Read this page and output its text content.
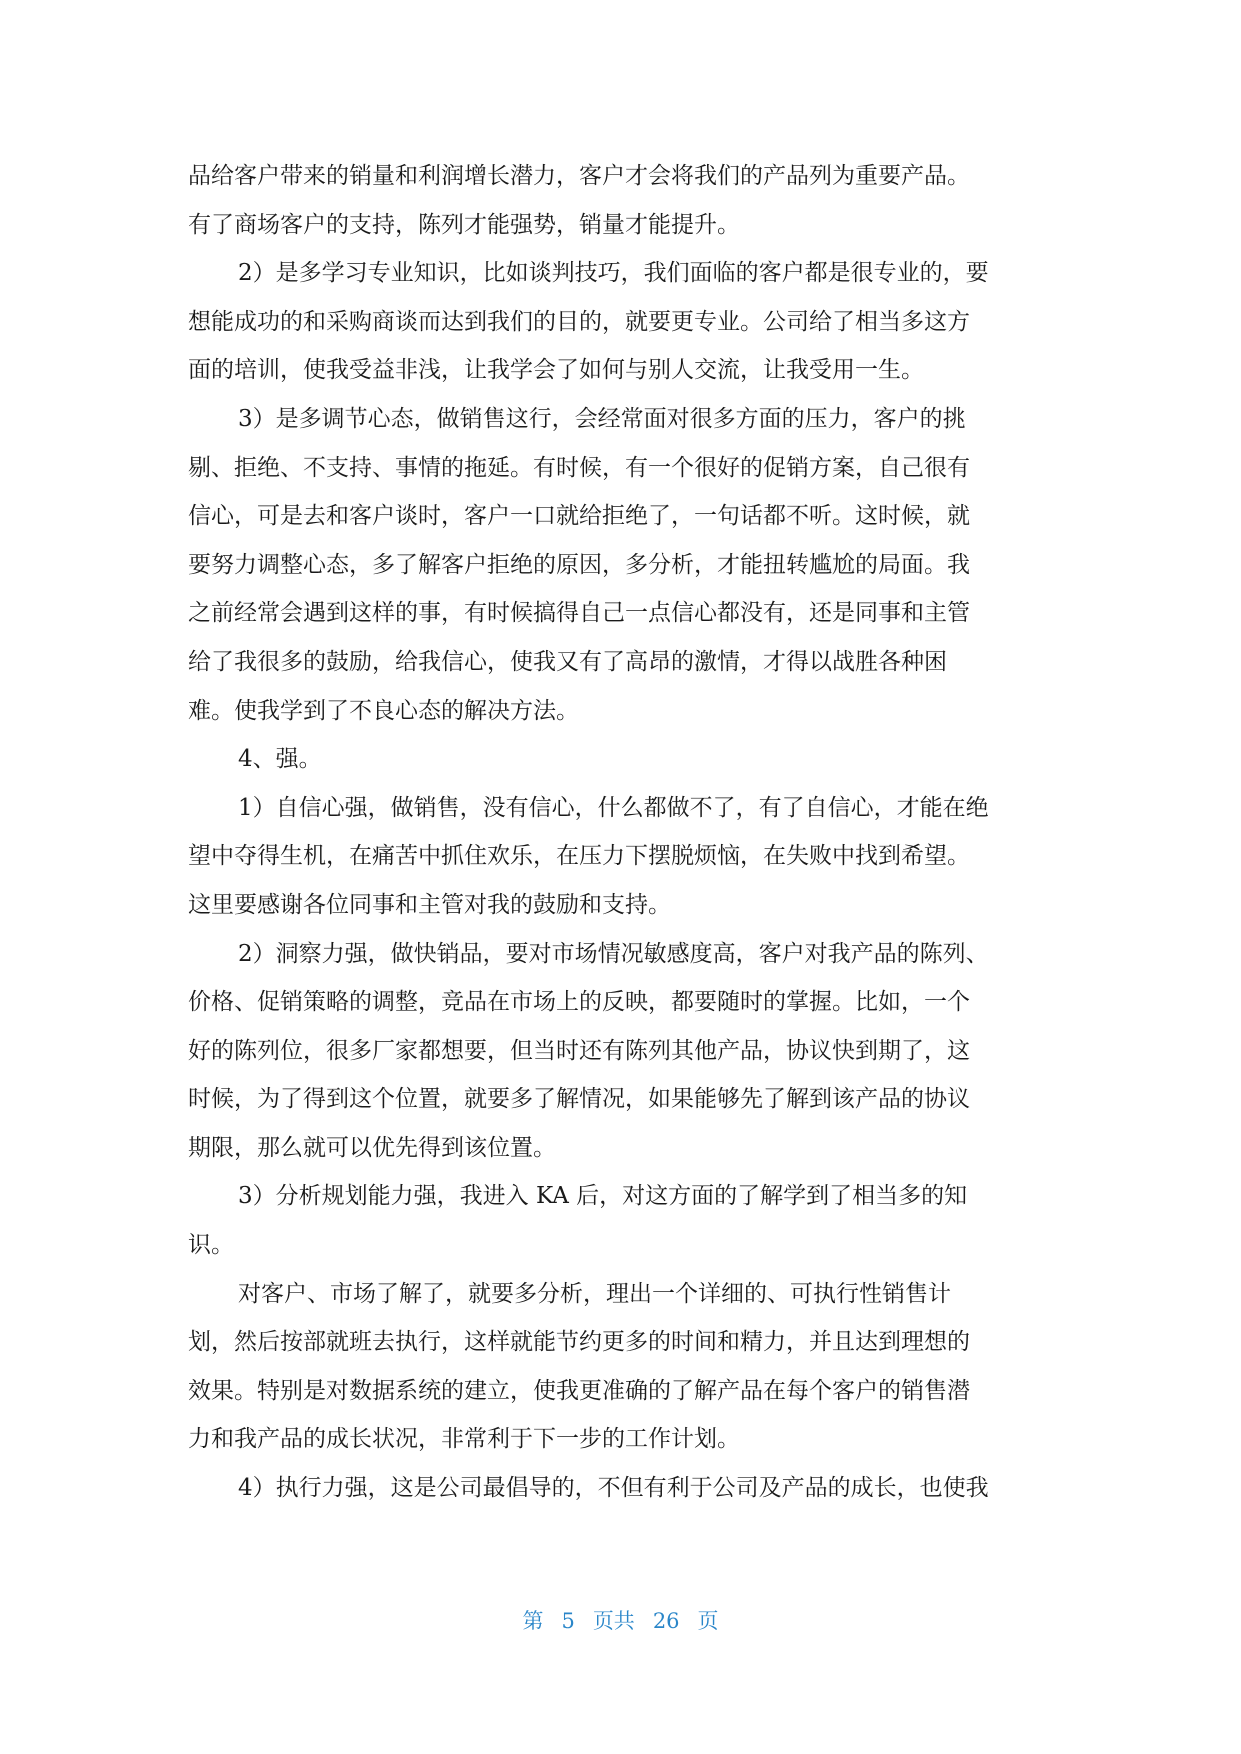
品给客户带来的销量和利润增长潜力，客户才会将我们的产品列为重要产品。
有了商场客户的支持，陈列才能强势，销量才能提升。
2）是多学习专业知识，比如谈判技巧，我们面临的客户都是很专业的，要
想能成功的和采购商谈而达到我们的目的，就要更专业。公司给了相当多这方
面的培训，使我受益非浅，让我学会了如何与别人交流，让我受用一生。
3）是多调节心态，做销售这行，会经常面对很多方面的压力，客户的挑
剔、拒绝、不支持、事情的拖延。有时候，有一个很好的促销方案，自己很有
信心，可是去和客户谈时，客户一口就给拒绝了，一句话都不听。这时候，就
要努力调整心态，多了解客户拒绝的原因，多分析，才能扭转尴尬的局面。我
之前经常会遇到这样的事，有时候搞得自己一点信心都没有，还是同事和主管
给了我很多的鼓励，给我信心，使我又有了高昂的激情，才得以战胜各种困
难。使我学到了不良心态的解决方法。
4、强。
1）自信心强，做销售，没有信心，什么都做不了，有了自信心，才能在绝
望中夺得生机，在痛苦中抓住欢乐，在压力下摆脱烦恼，在失败中找到希望。
这里要感谢各位同事和主管对我的鼓励和支持。
2）洞察力强，做快销品，要对市场情况敏感度高，客户对我产品的陈列、
价格、促销策略的调整，竞品在市场上的反映，都要随时的掌握。比如，一个
好的陈列位，很多厂家都想要，但当时还有陈列其他产品，协议快到期了，这
时候，为了得到这个位置，就要多了解情况，如果能够先了解到该产品的协议
期限，那么就可以优先得到该位置。
3）分析规划能力强，我进入 KA 后，对这方面的了解学到了相当多的知
识。
对客户、市场了解了，就要多分析，理出一个详细的、可执行性销售计
划，然后按部就班去执行，这样就能节约更多的时间和精力，并且达到理想的
效果。特别是对数据系统的建立，使我更准确的了解产品在每个客户的销售潜
力和我产品的成长状况，非常利于下一步的工作计划。
4）执行力强，这是公司最倡导的，不但有利于公司及产品的成长，也使我
第 5 页共 26 页
